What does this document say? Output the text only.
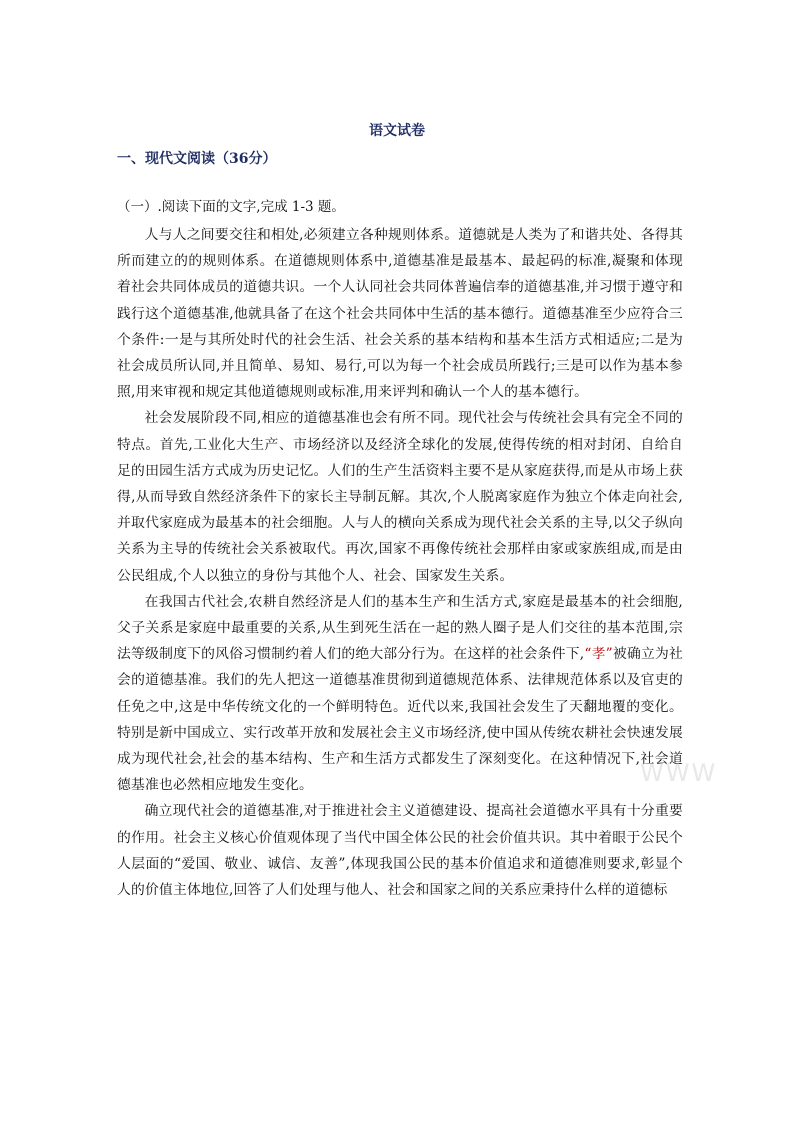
语文试卷
一、现代文阅读（36分）
（一）.阅读下面的文字,完成 1-3 题。

人与人之间要交往和相处,必须建立各种规则体系。道德就是人类为了和谐共处、各得其所而建立的的规则体系。在道德规则体系中,道德基准是最基本、最起码的标准,凝聚和体现着社会共同体成员的道德共识。一个人认同社会共同体普遍信奉的道德基准,并习惯于遵守和践行这个道德基准,他就具备了在这个社会共同体中生活的基本德行。道德基准至少应符合三个条件:一是与其所处时代的社会生活、社会关系的基本结构和基本生活方式相适应;二是为社会成员所认同,并且简单、易知、易行,可以为每一个社会成员所践行;三是可以作为基本参照,用来审视和规定其他道德规则或标准,用来评判和确认一个人的基本德行。

社会发展阶段不同,相应的道德基准也会有所不同。现代社会与传统社会具有完全不同的特点。首先,工业化大生产、市场经济以及经济全球化的发展,使得传统的相对封闭、自给自足的田园生活方式成为历史记忆。人们的生产生活资料主要不是从家庭获得,而是从市场上获得,从而导致自然经济条件下的家长主导制瓦解。其次,个人脱离家庭作为独立个体走向社会,并取代家庭成为最基本的社会细胞。人与人的横向关系成为现代社会关系的主导,以父子纵向关系为主导的传统社会关系被取代。再次,国家不再像传统社会那样由家或家族组成,而是由公民组成,个人以独立的身份与其他个人、社会、国家发生关系。

在我国古代社会,农耕自然经济是人们的基本生产和生活方式,家庭是最基本的社会细胞,父子关系是家庭中最重要的关系,从生到死生活在一起的熟人圈子是人们交往的基本范围,宗法等级制度下的风俗习惯制约着人们的绝大部分行为。在这样的社会条件下,“孝”被确立为社会的道德基准。我们的先人把这一道德基准贯彻到道德规范体系、法律规范体系以及官吏的任免之中,这是中华传统文化的一个鲜明特色。近代以来,我国社会发生了天翻地覆的变化。特别是新中国成立、实行改革开放和发展社会主义市场经济,使中国从传统农耕社会快速发展成为现代社会,社会的基本结构、生产和生活方式都发生了深刻变化。在这种情况下,社会道德基准也必然相应地发生变化。

确立现代社会的道德基准,对于推进社会主义道德建设、提高社会道德水平具有十分重要的作用。社会主义核心价值观体现了当代中国全体公民的社会价值共识。其中着眼于公民个人层面的“爱国、敬业、诚信、友善”,体现我国公民的基本价值追求和道德准则要求,彰显个人的价值主体地位,回答了人们处理与他人、社会和国家之间的关系应秉持什么样的道德标

WWW
